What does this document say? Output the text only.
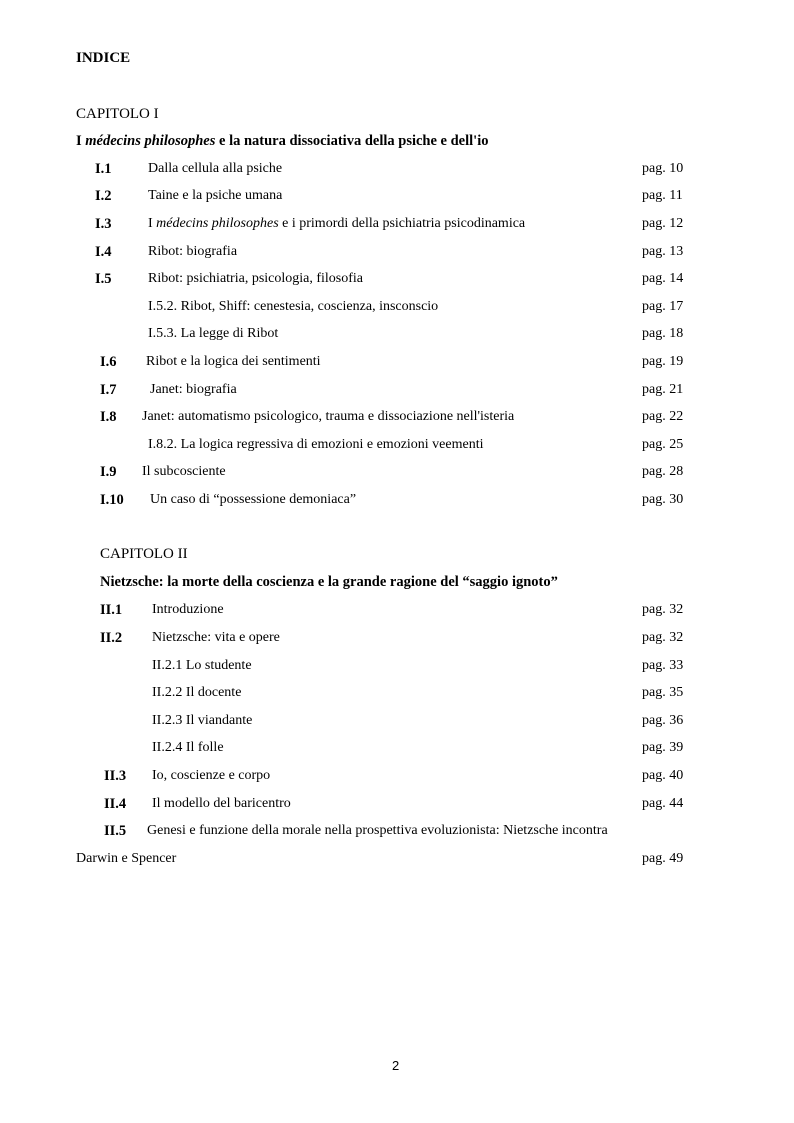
INDICE
CAPITOLO I
I médecins philosophes e la natura dissociativa della psiche e dell'io
I.1	Dalla cellula alla psiche	pag. 10
I.2	Taine e la psiche umana	pag. 11
I.3	I médecins philosophes e i primordi della psichiatria psicodinamica	pag. 12
I.4	Ribot: biografia	pag. 13
I.5	Ribot: psichiatria, psicologia, filosofia	pag. 14
I.5.2. Ribot, Shiff: cenestesia, coscienza, insconscio	pag. 17
I.5.3. La legge di Ribot	pag. 18
I.6 Ribot e la logica dei sentimenti	pag. 19
I.7 Janet: biografia	pag. 21
I.8 Janet: automatismo psicologico, trauma e dissociazione nell'isteria	pag. 22
I.8.2. La logica regressiva di emozioni e emozioni veementi	pag. 25
I.9 Il subcosciente	pag. 28
I.10 Un caso di “possessione demoniaca”	pag. 30
CAPITOLO II
Nietzsche: la morte della coscienza e la grande ragione del “saggio ignoto”
II.1 Introduzione	pag. 32
II.2 Nietzsche: vita e opere	pag. 32
II.2.1 Lo studente	pag. 33
II.2.2 Il docente	pag. 35
II.2.3 Il viandante	pag. 36
II.2.4 Il folle	pag. 39
II.3 Io, coscienze e corpo	pag. 40
II.4 Il modello del baricentro	pag. 44
II.5 Genesi e funzione della morale nella prospettiva evoluzionista: Nietzsche incontra
Darwin e Spencer	pag. 49
2
